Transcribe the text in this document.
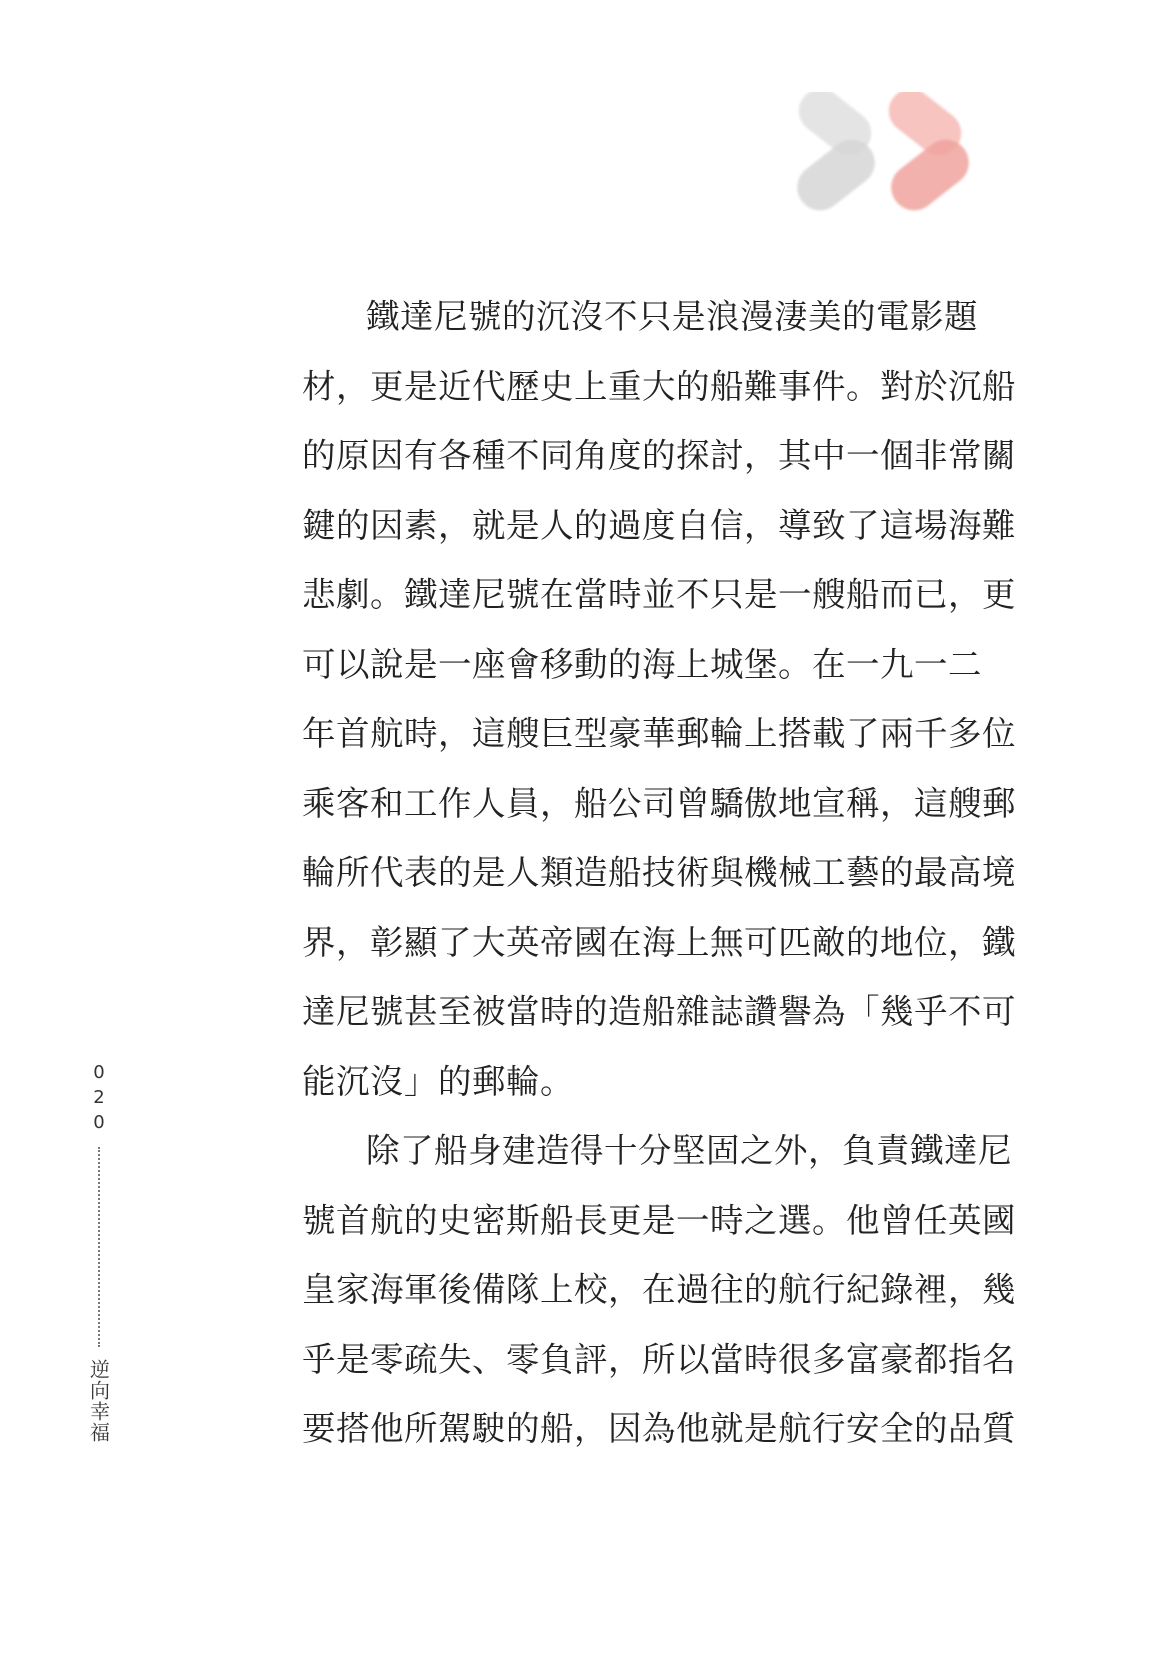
鐵達尼號的沉沒不只是浪漫淒美的電影題
材，更是近代歷史上重大的船難事件。對於沉船
的原因有各種不同角度的探討，其中一個非常關
鍵的因素，就是人的過度自信，導致了這場海難
悲劇。鐵達尼號在當時並不只是一艘船而已，更
可以說是一座會移動的海上城堡。在一九一二
年首航時，這艘巨型豪華郵輪上搭載了兩千多位
乘客和工作人員，船公司曾驕傲地宣稱，這艘郵
輪所代表的是人類造船技術與機械工藝的最高境
界，彰顯了大英帝國在海上無可匹敵的地位，鐵
達尼號甚至被當時的造船雜誌讚譽為「幾乎不可
能沉沒」的郵輪。

除了船身建造得十分堅固之外，負責鐵達尼
號首航的史密斯船長更是一時之選。他曾任英國
皇家海軍後備隊上校，在過往的航行紀錄裡，幾
乎是零疏失、零負評，所以當時很多富豪都指名
要搭他所駕駛的船，因為他就是航行安全的品質

020
逆向幸福
